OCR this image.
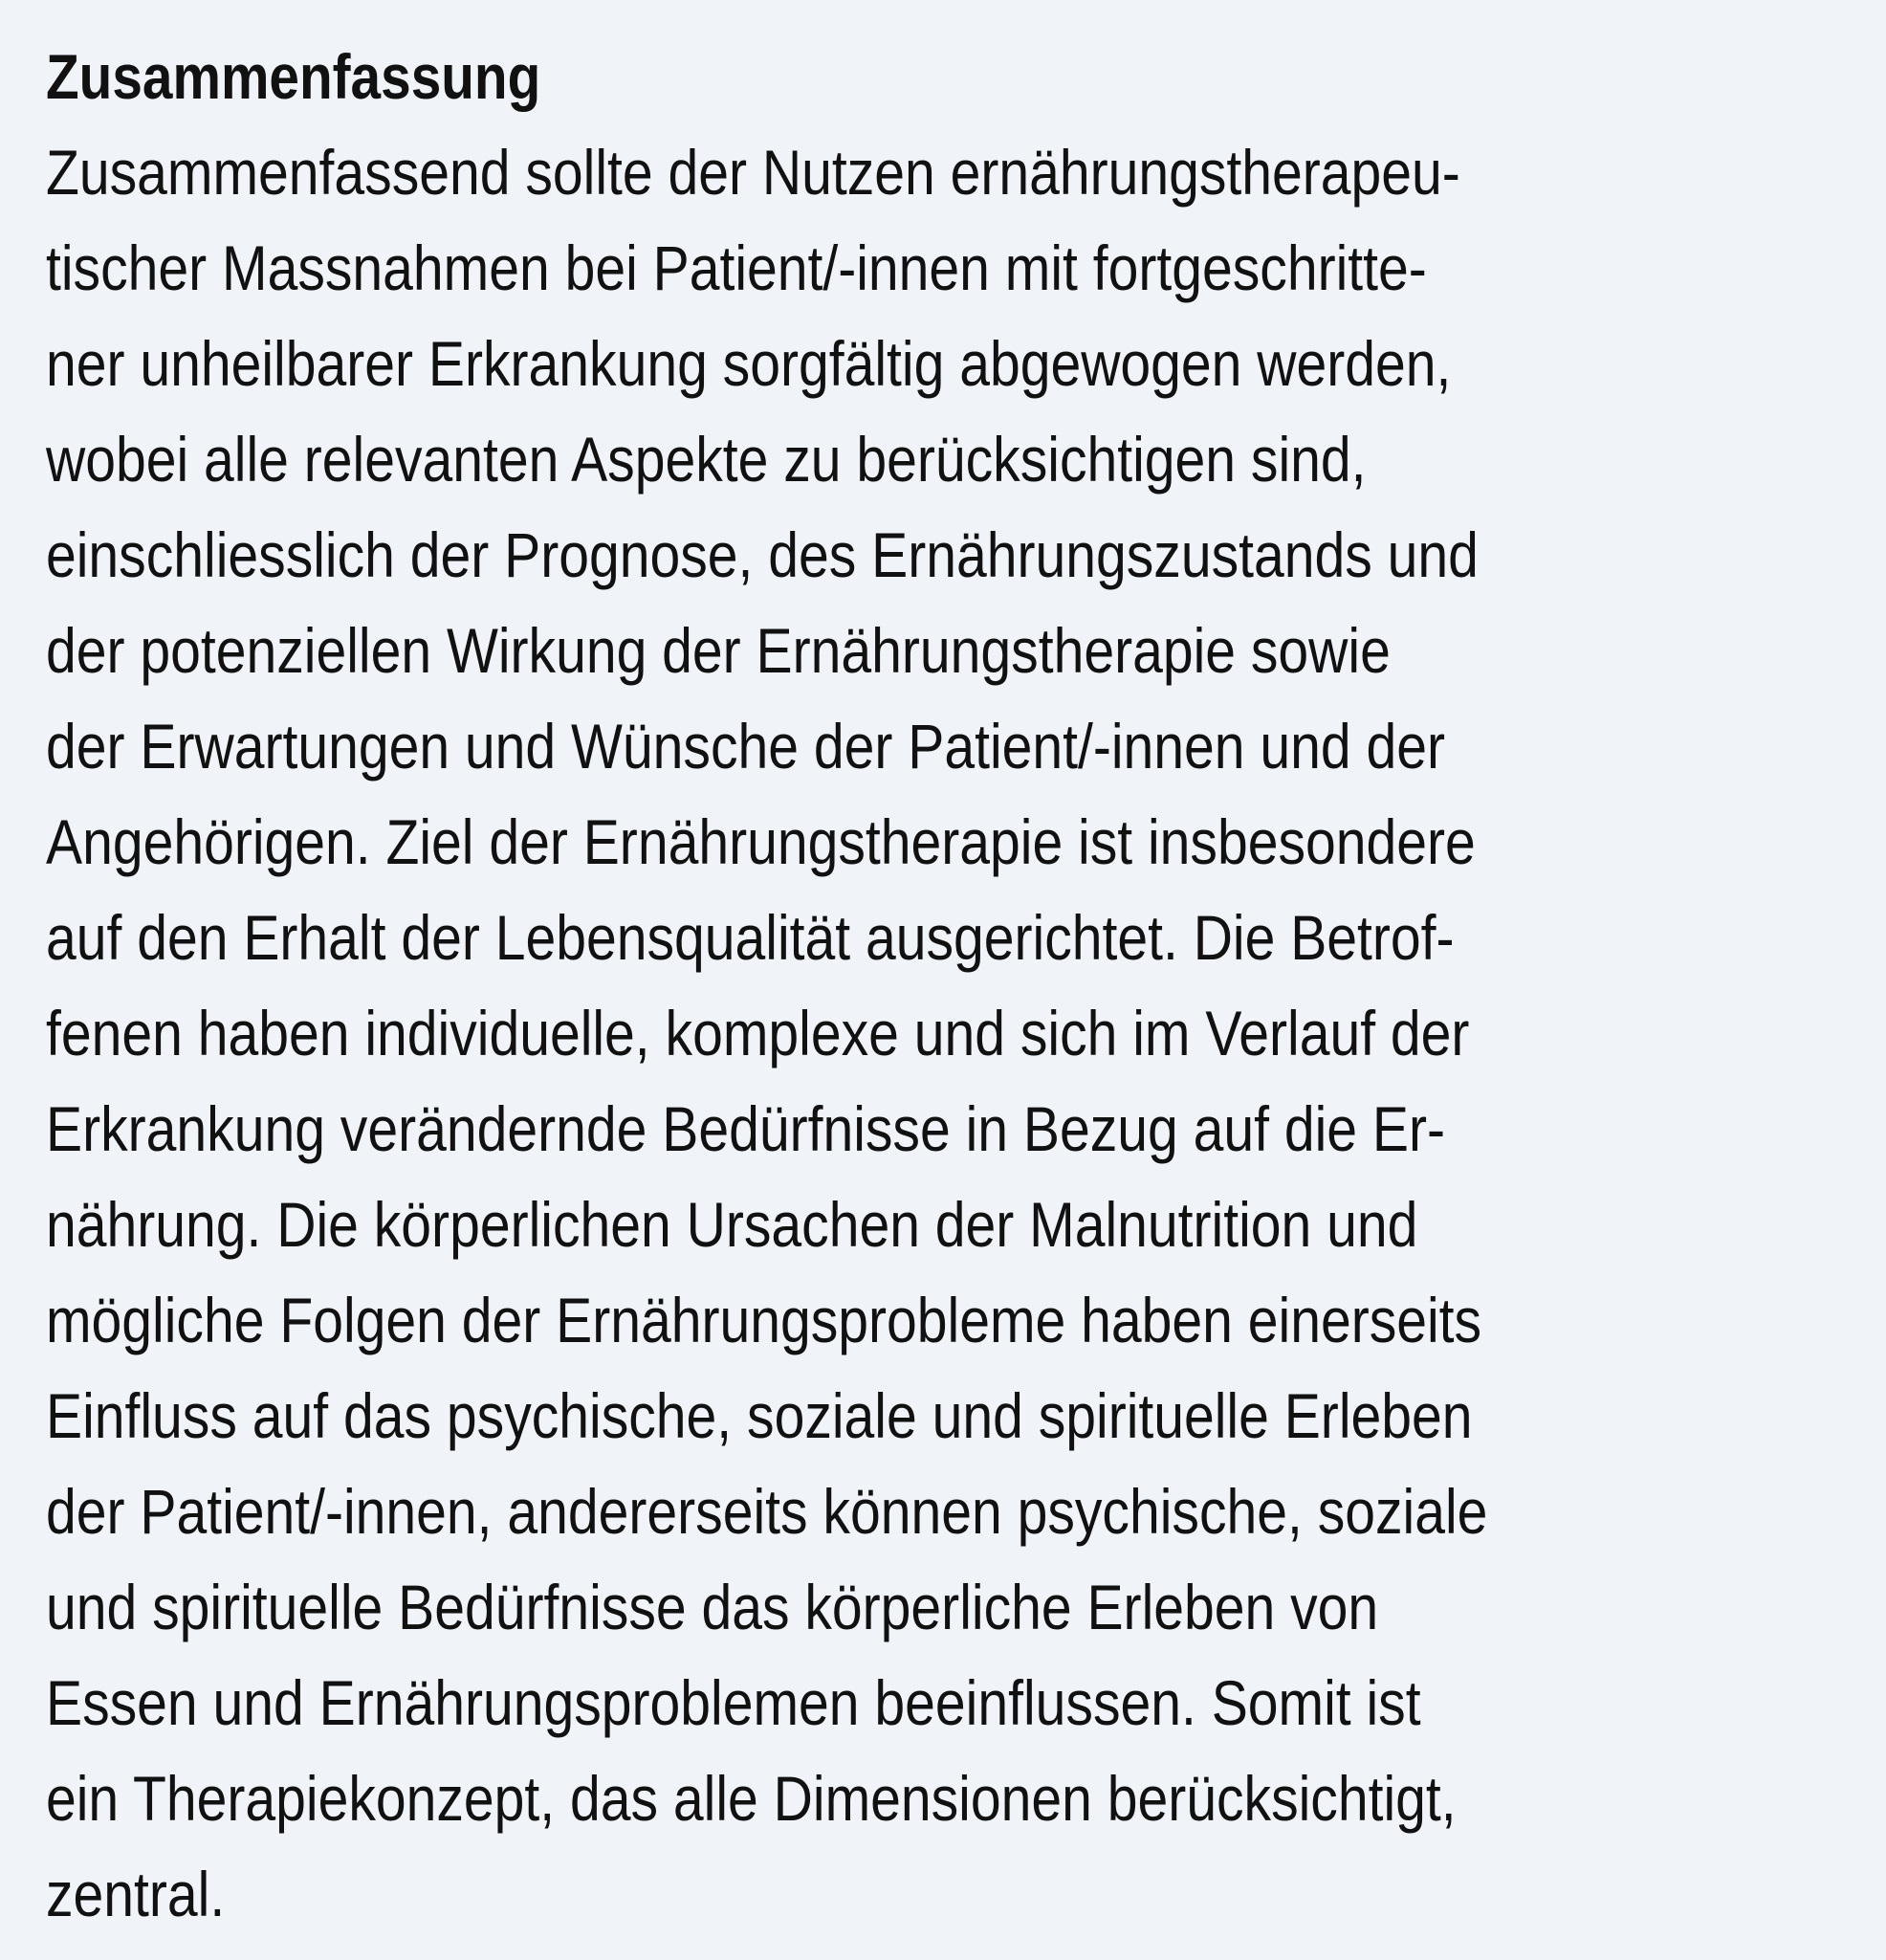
Zusammenfassung
Zusammenfassend sollte der Nutzen ernährungstherapeu-
tischer Massnahmen bei Patient/-innen mit fortgeschritte-
ner unheilbarer Erkrankung sorgfältig abgewogen werden,
wobei alle relevanten Aspekte zu berücksichtigen sind,
einschliesslich der Prognose, des Ernährungszustands und
der potenziellen Wirkung der Ernährungstherapie sowie
der Erwartungen und Wünsche der Patient/-innen und der
Angehörigen. Ziel der Ernährungstherapie ist insbesondere
auf den Erhalt der Lebensqualität ausgerichtet. Die Betrof-
fenen haben individuelle, komplexe und sich im Verlauf der
Erkrankung verändernde Bedürfnisse in Bezug auf die Er-
nährung. Die körperlichen Ursachen der Malnutrition und
mögliche Folgen der Ernährungsprobleme haben einerseits
Einfluss auf das psychische, soziale und spirituelle Erleben
der Patient/-innen, andererseits können psychische, soziale
und spirituelle Bedürfnisse das körperliche Erleben von
Essen und Ernährungsproblemen beeinflussen. Somit ist
ein Therapiekonzept, das alle Dimensionen berücksichtigt,
zentral.
